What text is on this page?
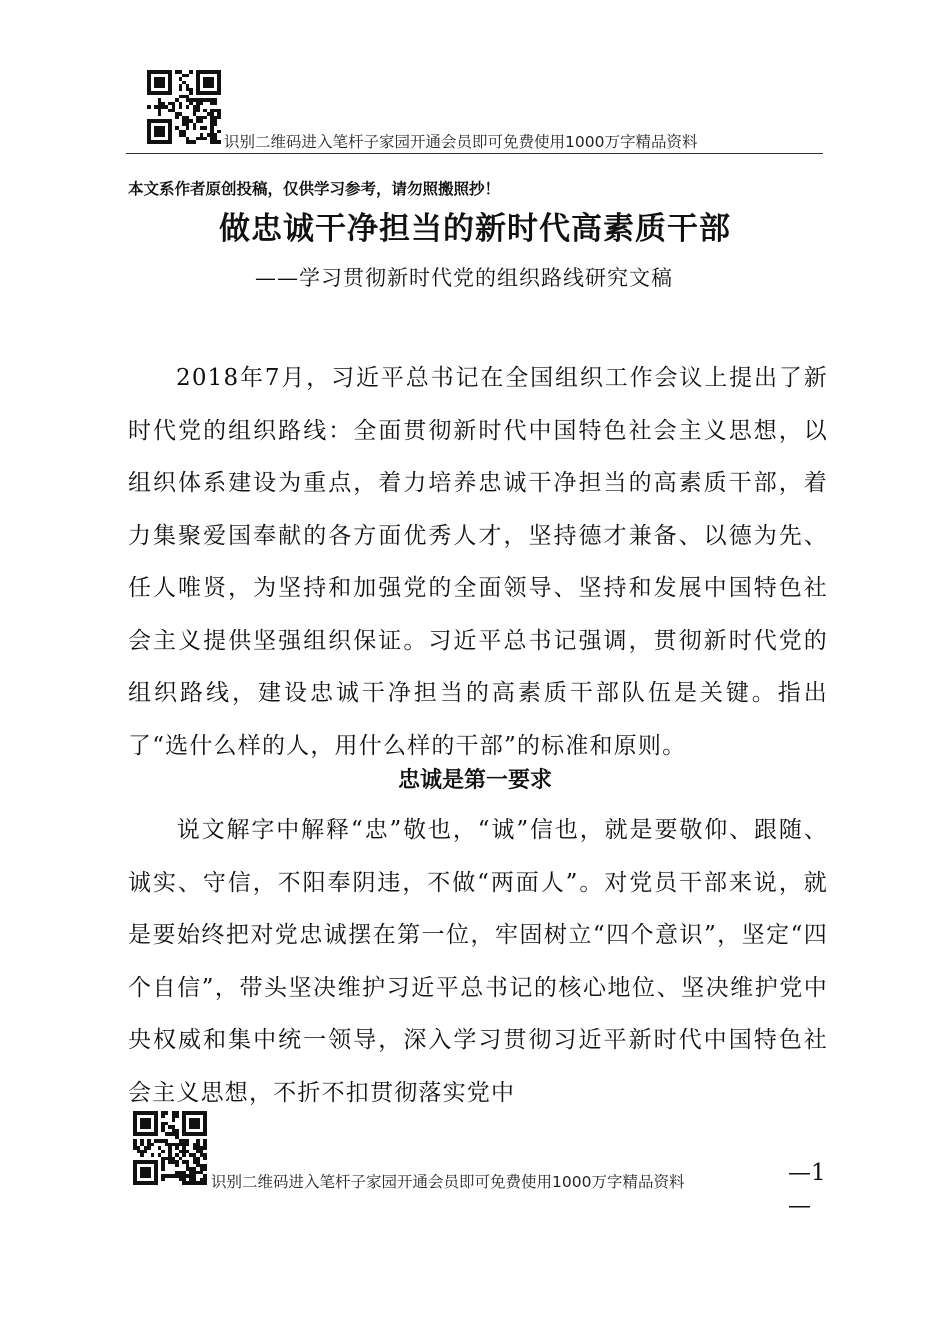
识别二维码进入笔杆子家园开通会员即可免费使用1000万字精品资料
本文系作者原创投稿，仅供学习参考，请勿照搬照抄！
做忠诚干净担当的新时代高素质干部
——学习贯彻新时代党的组织路线研究文稿
2018年7月，习近平总书记在全国组织工作会议上提出了新时代党的组织路线：全面贯彻新时代中国特色社会主义思想，以组织体系建设为重点，着力培养忠诚干净担当的高素质干部，着力集聚爱国奉献的各方面优秀人才，坚持德才兼备、以德为先、任人唯贤，为坚持和加强党的全面领导、坚持和发展中国特色社会主义提供坚强组织保证。习近平总书记强调，贯彻新时代党的组织路线，建设忠诚干净担当的高素质干部队伍是关键。指出了“选什么样的人，用什么样的干部”的标准和原则。
忠诚是第一要求
说文解字中解释“忠”敬也，“诚”信也，就是要敬仰、跟随、诚实、守信，不阳奉阴违，不做“两面人”。对党员干部来说，就是要始终把对党忠诚摆在第一位，牢固树立“四个意识”，坚定“四个自信”，带头坚决维护习近平总书记的核心地位、坚决维护党中央权威和集中统一领导，深入学习贯彻习近平新时代中国特色社会主义思想，不折不扣贯彻落实党中
识别二维码进入笔杆子家园开通会员即可免费使用1000万字精品资料	—1
—
